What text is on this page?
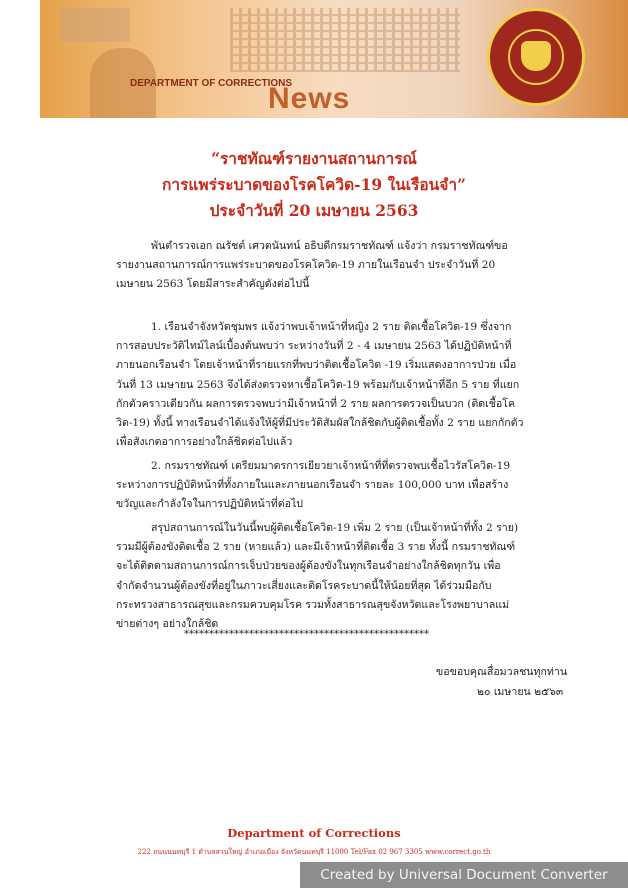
DEPARTMENT OF CORRECTIONS
News
“ราชทัณฑ์รายงานสถานการณ์
การแพร่ระบาดของโรคโควิด-19 ในเรือนจำ”
ประจำวันที่ 20 เมษายน 2563
พันตำรวจเอก ณรัชต์ เศวตนันทน์ อธิบดีกรมราชทัณฑ์ แจ้งว่า กรมราชทัณฑ์ขอรายงานสถานการณ์การแพร่ระบาดของโรคโควิด-19 ภายในเรือนจำ ประจำวันที่ 20 เมษายน 2563 โดยมีสาระสำคัญดังต่อไปนี้
1. เรือนจำจังหวัดชุมพร แจ้งว่าพบเจ้าหน้าที่หญิง 2 ราย ติดเชื้อโควิด-19 ซึ่งจากการสอบประวัติไทม์ไลน์เบื้องต้นพบว่า ระหว่างวันที่ 2 - 4 เมษายน 2563 ได้ปฏิบัติหน้าที่ภายนอกเรือนจำ โดยเจ้าหน้าที่รายแรกที่พบว่าติดเชื้อโควิด -19 เริ่มแสดงอาการป่วย เมื่อวันที่ 13 เมษายน 2563 จึงได้ส่งตรวจหาเชื้อโควิด-19 พร้อมกับเจ้าหน้าที่อีก 5 ราย ที่แยกกักตัวคราวเดียวกัน ผลการตรวจพบว่ามีเจ้าหน้าที่ 2 ราย ผลการตรวจเป็นบวก (ติดเชื้อโควิด-19) ทั้งนี้ ทางเรือนจำได้แจ้งให้ผู้ที่มีประวัติสัมผัสใกล้ชิดกับผู้ติดเชื้อทั้ง 2 ราย แยกกักตัวเพื่อสังเกตอาการอย่างใกล้ชิดต่อไปแล้ว
2. กรมราชทัณฑ์ เตรียมมาตรการเยียวยาเจ้าหน้าที่ที่ตรวจพบเชื้อไวรัสโควิด-19 ระหว่างการปฏิบัติหน้าที่ทั้งภายในและภายนอกเรือนจำ รายละ 100,000 บาท เพื่อสร้างขวัญและกำลังใจในการปฏิบัติหน้าที่ต่อไป
สรุปสถานการณ์ในวันนี้พบผู้ติดเชื้อโควิด-19 เพิ่ม 2 ราย (เป็นเจ้าหน้าที่ทั้ง 2 ราย) รวมมีผู้ต้องขังติดเชื้อ 2 ราย (หายแล้ว) และมีเจ้าหน้าที่ติดเชื้อ 3 ราย ทั้งนี้ กรมราชทัณฑ์จะได้ติดตามสถานการณ์การเจ็บป่วยของผู้ต้องขังในทุกเรือนจำอย่างใกล้ชิดทุกวัน เพื่อจำกัดจำนวนผู้ต้องขังที่อยู่ในภาวะเสี่ยงและติดโรคระบาดนี้ให้น้อยที่สุด ได้ร่วมมือกับกระทรวงสาธารณสุขและกรมควบคุมโรค รวมทั้งสาธารณสุขจังหวัดและโรงพยาบาลแม่ข่ายต่างๆ อย่างใกล้ชิด
*************************************************
ขอขอบคุณสื่อมวลชนทุกท่าน
๒๐ เมษายน ๒๕๖๓
Department of Corrections
222 ถนนนนทบุรี 1 ตำบลสวนใหญ่ อำเภอเมือง จังหวัดนนทบุรี 11000 Tel/Fax 02 967 3305 www.correct.go.th
Created by Universal Document Converter
